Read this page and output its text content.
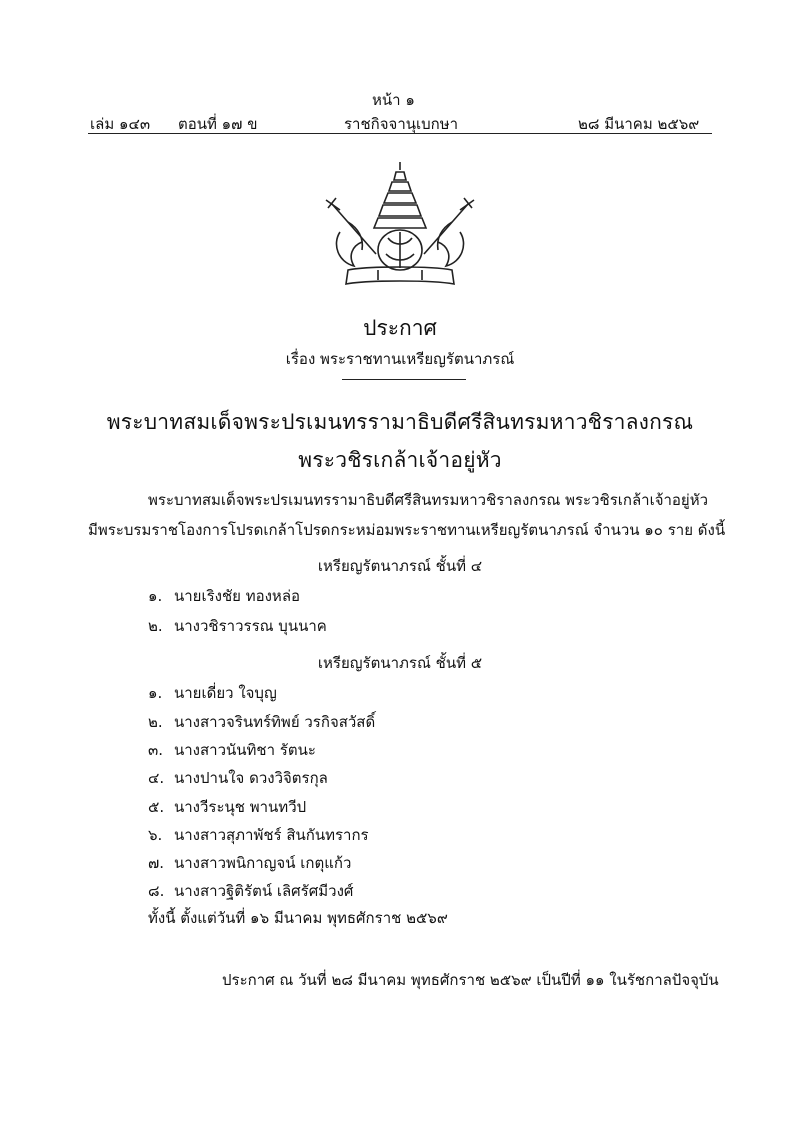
หน้า ๑
เล่ม ๑๔๓ ตอนที่ ๑๗ ข	ราชกิจจานุเบกษา	๒๘ มีนาคม ๒๕๖๙
ประกาศ
เรื่อง พระราชทานเหรียญรัตนาภรณ์
พระบาทสมเด็จพระปรเมนทรรามาธิบดีศรีสินทรมหาวชิราลงกรณ
พระวชิรเกล้าเจ้าอยู่หัว
พระบาทสมเด็จพระปรเมนทรรามาธิบดีศรีสินทรมหาวชิราลงกรณ พระวชิรเกล้าเจ้าอยู่หัว
มีพระบรมราชโองการโปรดเกล้าโปรดกระหม่อมพระราชทานเหรียญรัตนาภรณ์ จำนวน ๑๐ ราย ดังนี้
เหรียญรัตนาภรณ์ ชั้นที่ ๔
๑. นายเริงชัย ทองหล่อ
๒. นางวชิราวรรณ บุนนาค
เหรียญรัตนาภรณ์ ชั้นที่ ๕
๑. นายเดี่ยว ใจบุญ
๒. นางสาวจรินทร์ทิพย์ วรกิจสวัสดิ์
๓. นางสาวนันทิชา รัตนะ
๔. นางปานใจ ดวงวิจิตรกุล
๕. นางวีระนุช พานทวีป
๖. นางสาวสุภาพัชร์ สินกันทรากร
๗. นางสาวพนิกาญจน์ เกตุแก้ว
๘. นางสาวฐิติรัตน์ เลิศรัศมีวงศ์
ทั้งนี้ ตั้งแต่วันที่ ๑๖ มีนาคม พุทธศักราช ๒๕๖๙
ประกาศ ณ วันที่ ๒๘ มีนาคม พุทธศักราช ๒๕๖๙ เป็นปีที่ ๑๑ ในรัชกาลปัจจุบัน
